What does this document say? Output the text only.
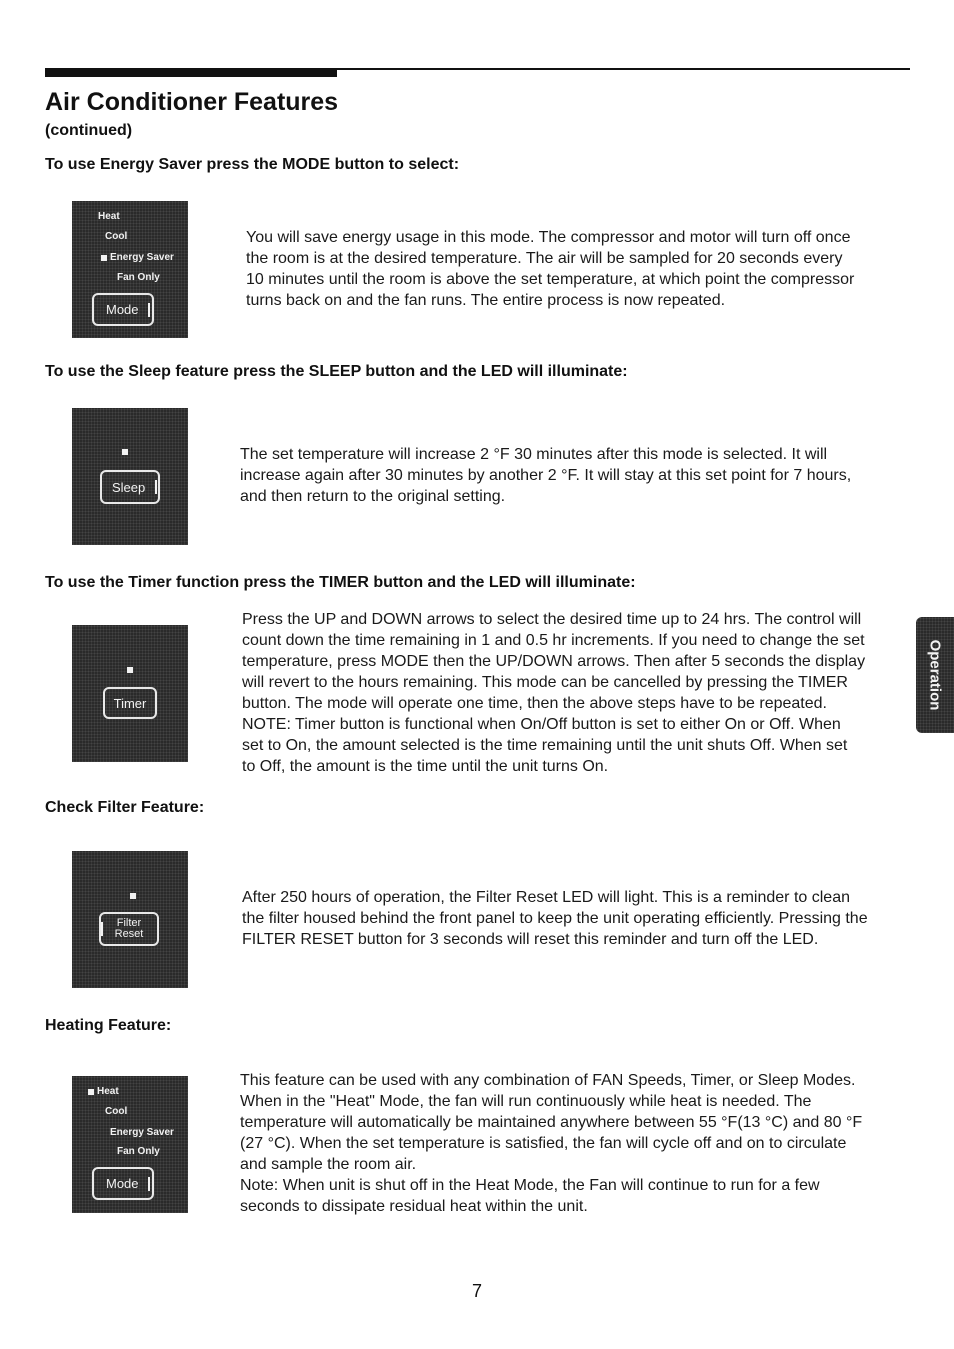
Air Conditioner Features
(continued)
To use Energy Saver press the MODE button to select:
Heat
Cool
Energy Saver
Fan Only
Mode

You will save energy usage in this mode. The compressor and motor will turn off once
the room is at the desired temperature. The air will be sampled for 20 seconds every
10 minutes until the room is above the set temperature, at which point the compressor
turns back on and the fan runs. The entire process is now repeated.

To use the Sleep feature press the SLEEP button and the LED will illuminate:
Sleep

The set temperature will increase 2 °F 30 minutes after this mode is selected. It will
increase again after 30 minutes by another 2 °F. It will stay at this set point for 7 hours,
and then return to the original setting.

To use the Timer function press the TIMER button and the LED will illuminate:
Timer

Press the UP and DOWN arrows to select the desired time up to 24 hrs. The control will
count down the time remaining in 1 and 0.5 hr increments. If you need to change the set
temperature, press MODE then the UP/DOWN arrows. Then after 5 seconds the display
will revert to the hours remaining. This mode can be cancelled by pressing the TIMER
button. The mode will operate one time, then the above steps have to be repeated.
NOTE: Timer button is functional when On/Off button is set to either On or Off. When
set to On, the amount selected is the time remaining until the unit shuts Off. When set
to Off, the amount is the time until the unit turns On.

Check Filter Feature:
Filter
Reset

After 250 hours of operation, the Filter Reset LED will light. This is a reminder to clean
the filter housed behind the front panel to keep the unit operating efficiently. Pressing the
FILTER RESET button for 3 seconds will reset this reminder and turn off the LED.

Heating Feature:
Heat
Cool
Energy Saver
Fan Only
Mode

This feature can be used with any combination of FAN Speeds, Timer, or Sleep Modes.
When in the "Heat" Mode, the fan will run continuously while heat is needed. The
temperature will automatically be maintained anywhere between 55 °F(13 °C) and 80 °F
(27 °C). When the set temperature is satisfied, the fan will cycle off and on to circulate
and sample the room air.
Note: When unit is shut off in the Heat Mode, the Fan will continue to run for a few
seconds to dissipate residual heat within the unit.

Operation
7
